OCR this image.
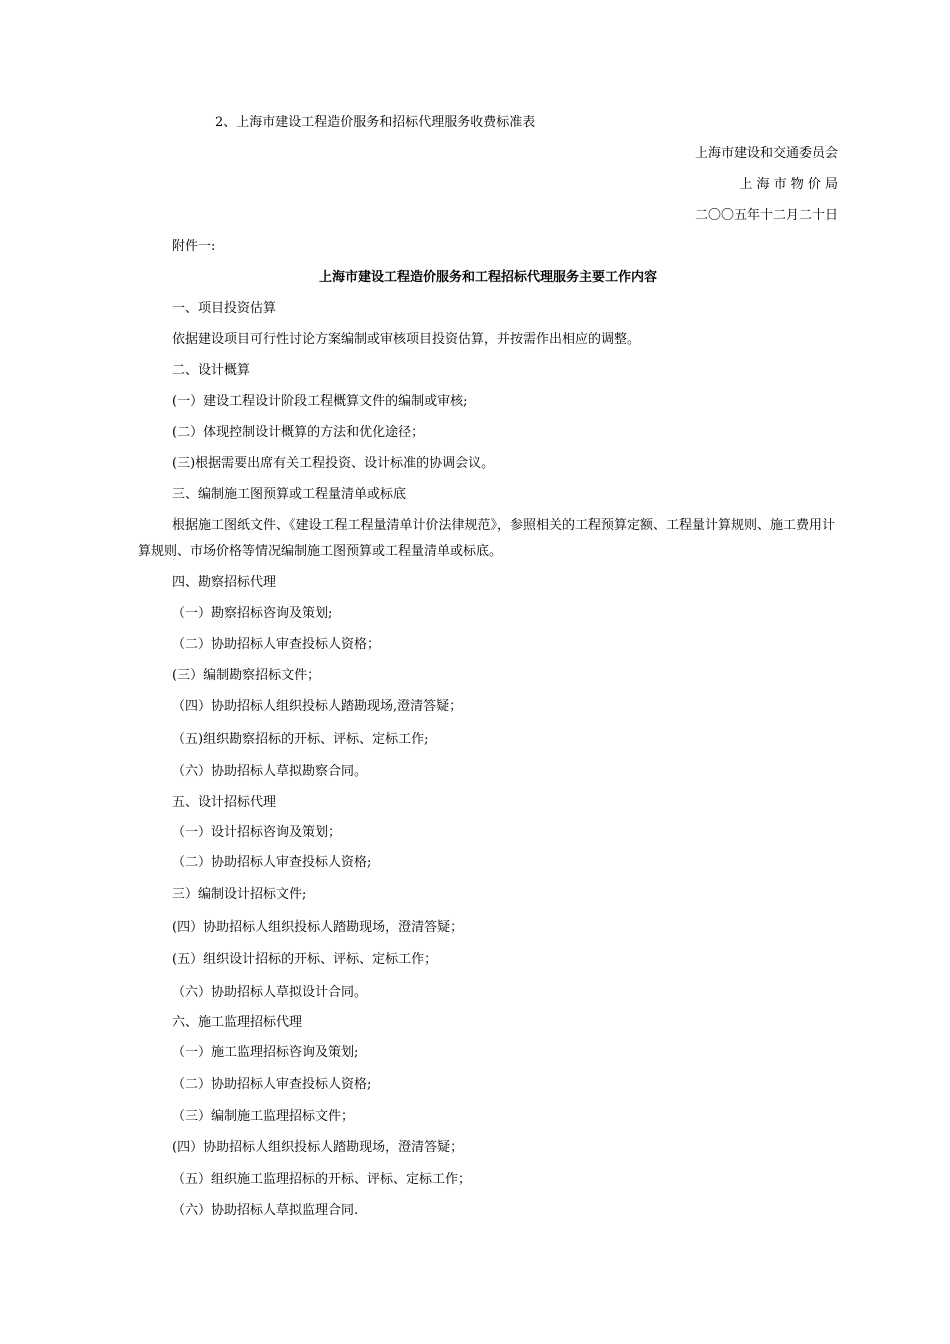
2、上海市建设工程造价服务和招标代理服务收费标准表
上海市建设和交通委员会
上 海 市 物 价 局
二〇〇五年十二月二十日
附件一:
上海市建设工程造价服务和工程招标代理服务主要工作内容
一、项目投资估算
依据建设项目可行性讨论方案编制或审核项目投资估算，并按需作出相应的调整。
二、设计概算
(一）建设工程设计阶段工程概算文件的编制或审核;
(二）体现控制设计概算的方法和优化途径；
(三)根据需要出席有关工程投资、设计标准的协调会议。
三、编制施工图预算或工程量清单或标底
根据施工图纸文件、《建设工程工程量清单计价法律规范》，参照相关的工程预算定额、工程量计算规则、施工费用计算规则、市场价格等情况编制施工图预算或工程量清单或标底。
四、勘察招标代理
（一）勘察招标咨询及策划;
（二）协助招标人审查投标人资格；
(三）编制勘察招标文件；
（四）协助招标人组织投标人踏勘现场,澄清答疑；
（五)组织勘察招标的开标、评标、定标工作;
（六）协助招标人草拟勘察合同。
五、设计招标代理
（一）设计招标咨询及策划；
（二）协助招标人审查投标人资格;
三）编制设计招标文件;
(四）协助招标人组织投标人踏勘现场，澄清答疑；
(五）组织设计招标的开标、评标、定标工作；
（六）协助招标人草拟设计合同。
六、施工监理招标代理
（一）施工监理招标咨询及策划;
（二）协助招标人审查投标人资格;
（三）编制施工监理招标文件；
(四）协助招标人组织投标人踏勘现场，澄清答疑；
（五）组织施工监理招标的开标、评标、定标工作；
（六）协助招标人草拟监理合同.
